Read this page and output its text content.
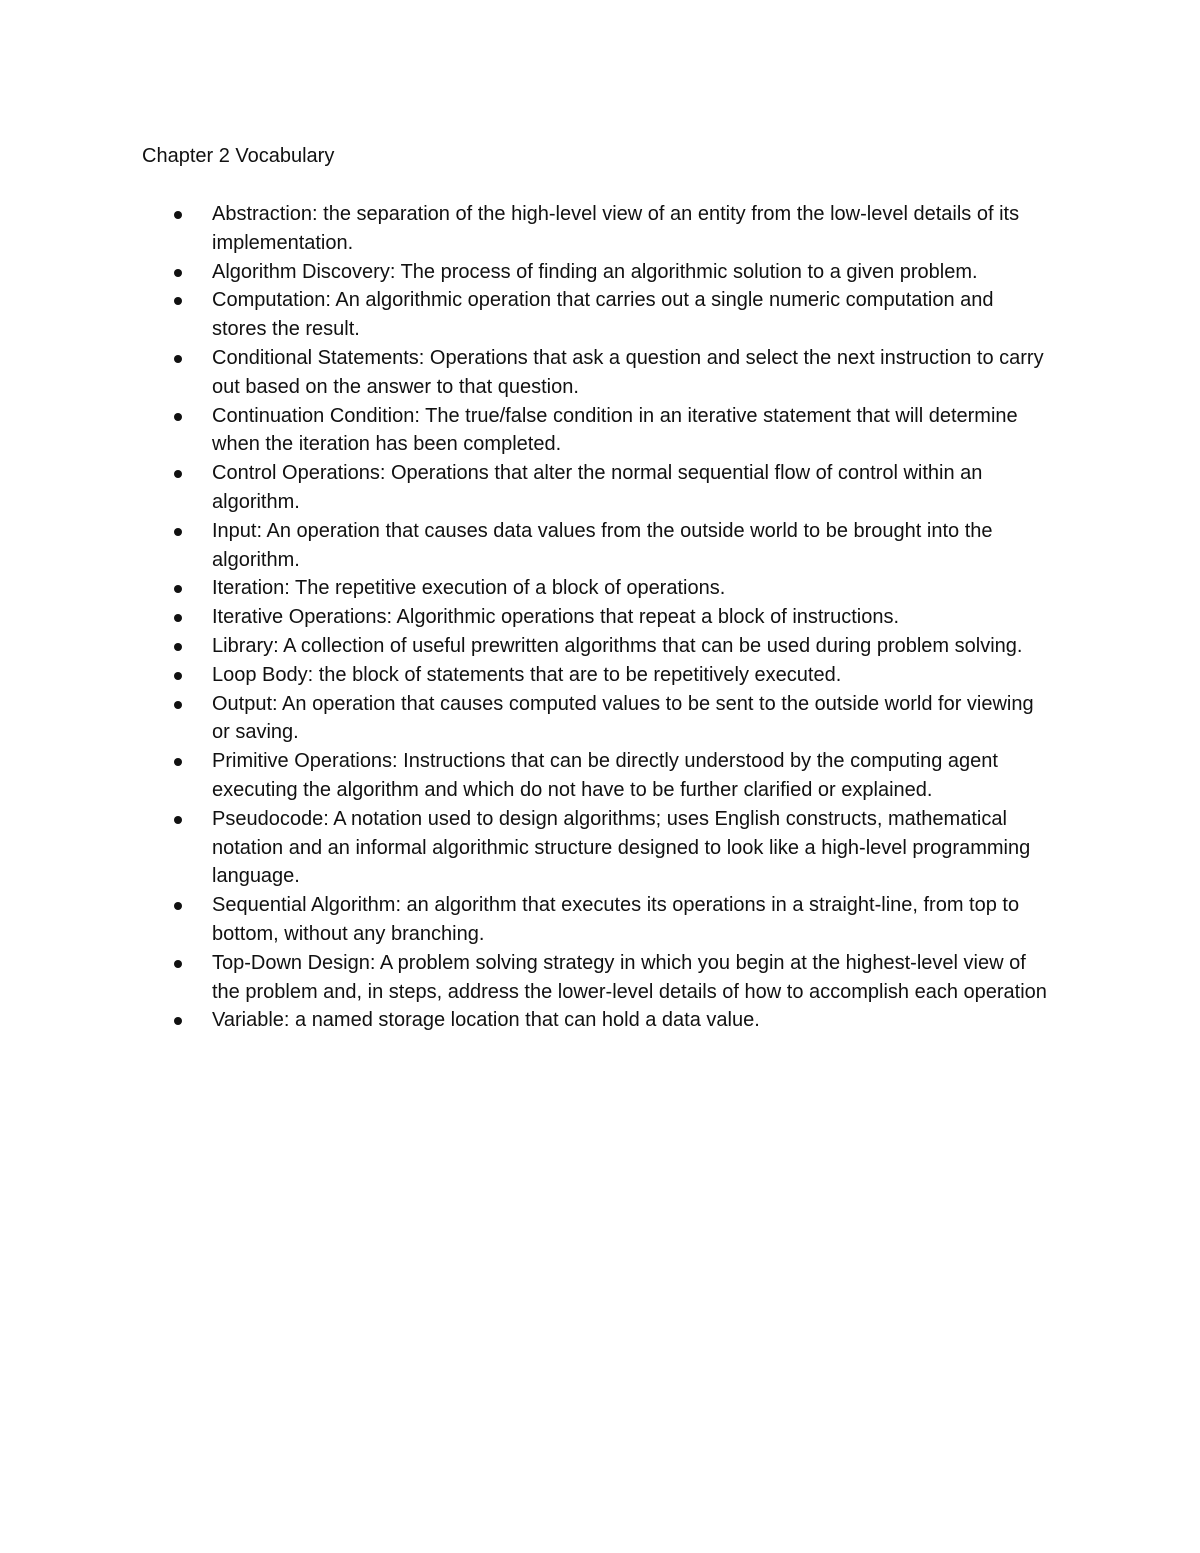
Chapter 2 Vocabulary
Abstraction: the separation of the high-level view of an entity from the low-level details of its implementation.
Algorithm Discovery: The process of finding an algorithmic solution to a given problem.
Computation: An algorithmic operation that carries out a single numeric computation and stores the result.
Conditional Statements: Operations that ask a question and select the next instruction to carry out based on the answer to that question.
Continuation Condition: The true/false condition in an iterative statement that will determine when the iteration has been completed.
Control Operations: Operations that alter the normal sequential flow of control within an algorithm.
Input: An operation that causes data values from the outside world to be brought into the algorithm.
Iteration: The repetitive execution of a block of operations.
Iterative Operations: Algorithmic operations that repeat a block of instructions.
Library: A collection of useful prewritten algorithms that can be used during problem solving.
Loop Body: the block of statements that are to be repetitively executed.
Output: An operation that causes computed values to be sent to the outside world for viewing or saving.
Primitive Operations: Instructions that can be directly understood by the computing agent executing the algorithm and which do not have to be further clarified or explained.
Pseudocode: A notation used to design algorithms; uses English constructs, mathematical notation and an informal algorithmic structure designed to look like a high-level programming language.
Sequential Algorithm: an algorithm that executes its operations in a straight-line, from top to bottom, without any branching.
Top-Down Design: A problem solving strategy in which you begin at the highest-level view of the problem and, in steps, address the lower-level details of how to accomplish each operation
Variable: a named storage location that can hold a data value.
